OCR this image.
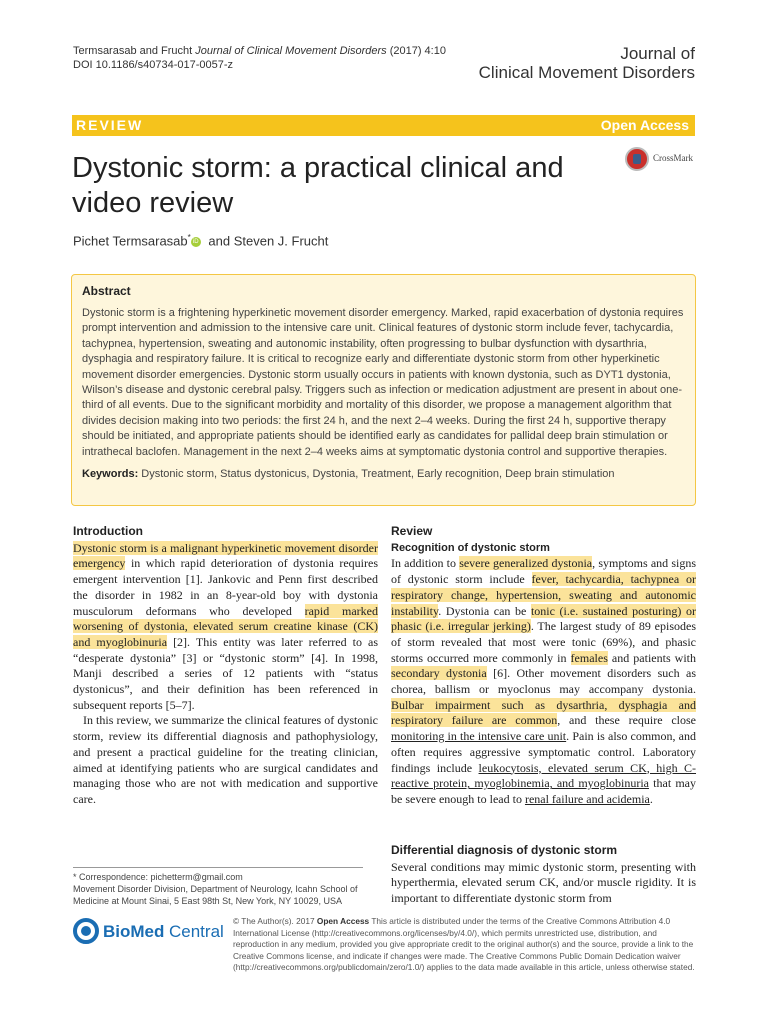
Termsarasab and Frucht Journal of Clinical Movement Disorders (2017) 4:10
DOI 10.1186/s40734-017-0057-z
Journal of
Clinical Movement Disorders
REVIEW	Open Access
Dystonic storm: a practical clinical and video review
CrossMark
Pichet Termsarasab* iD and Steven J. Frucht
Abstract

Dystonic storm is a frightening hyperkinetic movement disorder emergency. Marked, rapid exacerbation of dystonia requires prompt intervention and admission to the intensive care unit. Clinical features of dystonic storm include fever, tachycardia, tachypnea, hypertension, sweating and autonomic instability, often progressing to bulbar dysfunction with dysarthria, dysphagia and respiratory failure. It is critical to recognize early and differentiate dystonic storm from other hyperkinetic movement disorder emergencies. Dystonic storm usually occurs in patients with known dystonia, such as DYT1 dystonia, Wilson’s disease and dystonic cerebral palsy. Triggers such as infection or medication adjustment are present in about one-third of all events. Due to the significant morbidity and mortality of this disorder, we propose a management algorithm that divides decision making into two periods: the first 24 h, and the next 2–4 weeks. During the first 24 h, supportive therapy should be initiated, and appropriate patients should be identified early as candidates for pallidal deep brain stimulation or intrathecal baclofen. Management in the next 2–4 weeks aims at symptomatic dystonia control and supportive therapies.

Keywords: Dystonic storm, Status dystonicus, Dystonia, Treatment, Early recognition, Deep brain stimulation

Introduction

Dystonic storm is a malignant hyperkinetic movement disorder emergency in which rapid deterioration of dystonia requires emergent intervention [1]. Jankovic and Penn first described the disorder in 1982 in an 8-year-old boy with dystonia musculorum deformans who developed rapid marked worsening of dystonia, elevated serum creatine kinase (CK) and myoglobinuria [2]. This entity was later referred to as “desperate dystonia” [3] or “dystonic storm” [4]. In 1998, Manji described a series of 12 patients with “status dystonicus”, and their definition has been referenced in subsequent reports [5–7].

In this review, we summarize the clinical features of dystonic storm, review its differential diagnosis and pathophysiology, and present a practical guideline for the treating clinician, aimed at identifying patients who are surgical candidates and managing those who are not with medication and supportive care.

Review
Recognition of dystonic storm

In addition to severe generalized dystonia, symptoms and signs of dystonic storm include fever, tachycardia, tachypnea or respiratory change, hypertension, sweating and autonomic instability. Dystonia can be tonic (i.e. sustained posturing) or phasic (i.e. irregular jerking). The largest study of 89 episodes of storm revealed that most were tonic (69%), and phasic storms occurred more commonly in females and patients with secondary dystonia [6]. Other movement disorders such as chorea, ballism or myoclonus may accompany dystonia. Bulbar impairment such as dysarthria, dysphagia and respiratory failure are common, and these require close monitoring in the intensive care unit. Pain is also common, and often requires aggressive symptomatic control. Laboratory findings include leukocytosis, elevated serum CK, high C-reactive protein, myoglobinemia, and myoglobinuria that may be severe enough to lead to renal failure and acidemia.

Differential diagnosis of dystonic storm

Several conditions may mimic dystonic storm, presenting with hyperthermia, elevated serum CK, and/or muscle rigidity. It is important to differentiate dystonic storm from

* Correspondence: pichetterm@gmail.com
Movement Disorder Division, Department of Neurology, Icahn School of Medicine at Mount Sinai, 5 East 98th St, New York, NY 10029, USA
BioMed Central
© The Author(s). 2017 Open Access This article is distributed under the terms of the Creative Commons Attribution 4.0 International License (http://creativecommons.org/licenses/by/4.0/), which permits unrestricted use, distribution, and reproduction in any medium, provided you give appropriate credit to the original author(s) and the source, provide a link to the Creative Commons license, and indicate if changes were made. The Creative Commons Public Domain Dedication waiver (http://creativecommons.org/publicdomain/zero/1.0/) applies to the data made available in this article, unless otherwise stated.
